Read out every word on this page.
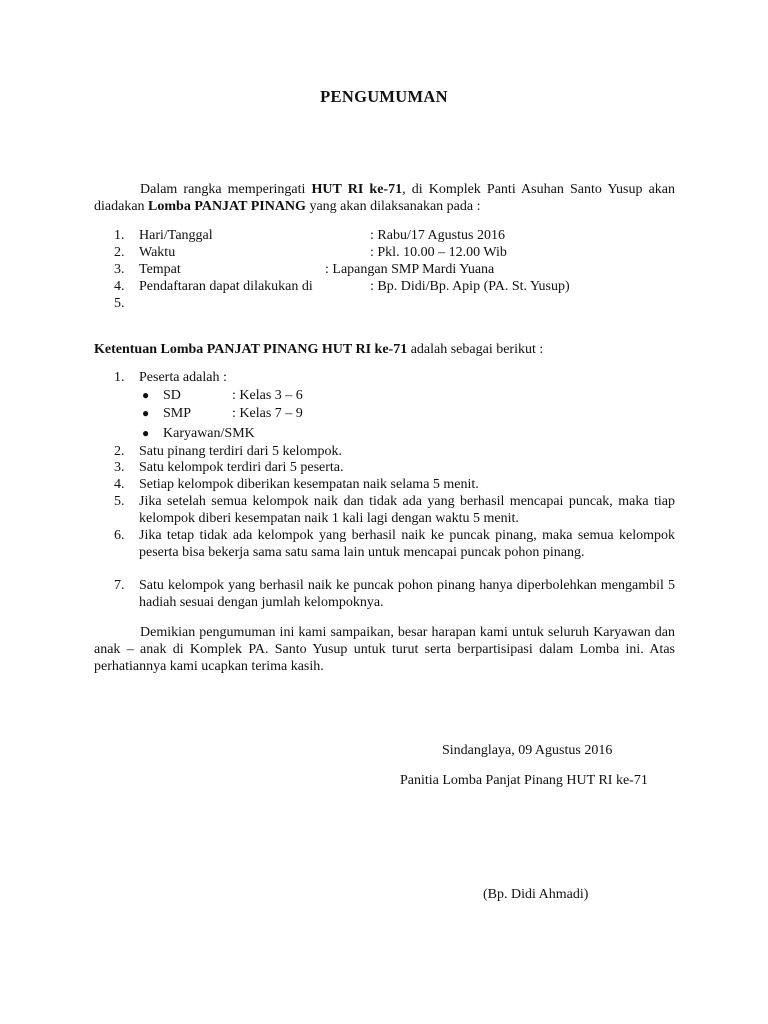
PENGUMUMAN
Dalam rangka memperingati HUT RI ke-71, di Komplek Panti Asuhan Santo Yusup akan diadakan Lomba PANJAT PINANG yang akan dilaksanakan pada :
1.	Hari/Tanggal	: Rabu/17 Agustus 2016
2.	Waktu	: Pkl. 10.00 – 12.00 Wib
3.	Tempat	: Lapangan SMP Mardi Yuana
4.	Pendaftaran dapat dilakukan di	: Bp. Didi/Bp. Apip (PA. St. Yusup)
5.
Ketentuan Lomba PANJAT PINANG HUT RI ke-71 adalah sebagai berikut :
1.	Peserta adalah :
● SD	: Kelas 3 – 6
● SMP	: Kelas 7 – 9
● Karyawan/SMK
2.	Satu pinang terdiri dari 5 kelompok.
3.	Satu kelompok terdiri dari 5 peserta.
4.	Setiap kelompok diberikan kesempatan naik selama 5 menit.
5.	Jika setelah semua kelompok naik dan tidak ada yang berhasil mencapai puncak, maka tiap kelompok diberi kesempatan naik 1 kali lagi dengan waktu 5 menit.
6.	Jika tetap tidak ada kelompok yang berhasil naik ke puncak pinang, maka semua kelompok peserta bisa bekerja sama satu sama lain untuk mencapai puncak pohon pinang.
7.	Satu kelompok yang berhasil naik ke puncak pohon pinang hanya diperbolehkan mengambil 5 hadiah sesuai dengan jumlah kelompoknya.
Demikian pengumuman ini kami sampaikan, besar harapan kami untuk seluruh Karyawan dan anak – anak di Komplek PA. Santo Yusup untuk turut serta berpartisipasi dalam Lomba ini. Atas perhatiannya kami ucapkan terima kasih.
Sindanglaya, 09 Agustus 2016
Panitia Lomba Panjat Pinang HUT RI ke-71
(Bp. Didi Ahmadi)
